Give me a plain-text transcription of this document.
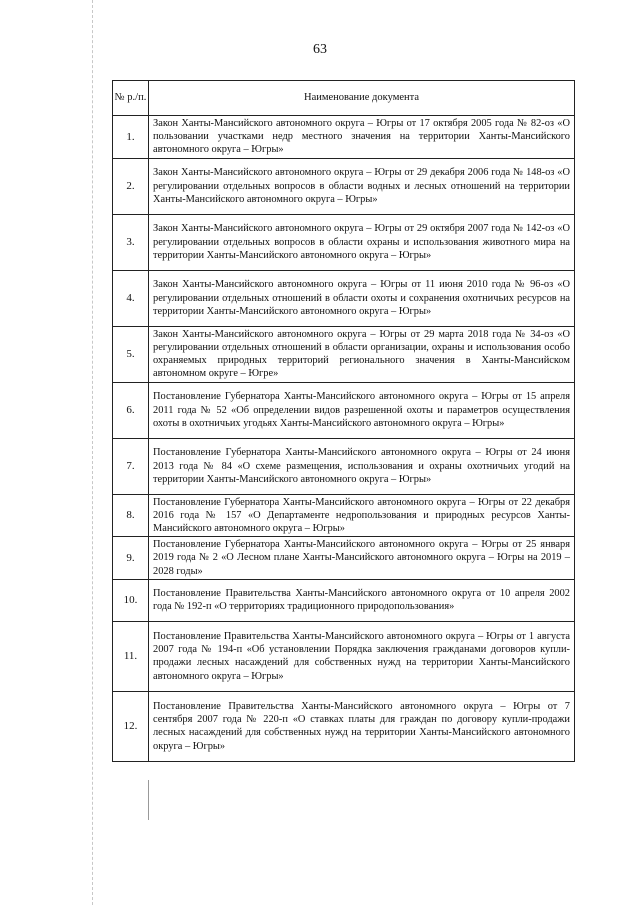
63
№ р./п.	Наименование документа
1.	Закон Ханты-Мансийского автономного округа – Югры от 17 октября 2005 года № 82-оз «О пользовании участками недр местного значения на территории Ханты-Мансийского автономного округа – Югры»
2.	Закон Ханты-Мансийского автономного округа – Югры от 29 декабря 2006 года № 148-оз «О регулировании отдельных вопросов в области водных и лесных отношений на территории Ханты-Мансийского автономного округа – Югры»
3.	Закон Ханты-Мансийского автономного округа – Югры от 29 октября 2007 года № 142-оз «О регулировании отдельных вопросов в области охраны и использования животного мира на территории Ханты-Мансийского автономного округа – Югры»
4.	Закон Ханты-Мансийского автономного округа – Югры от 11 июня 2010 года № 96-оз «О регулировании отдельных отношений в области охоты и сохранения охотничьих ресурсов на территории Ханты-Мансийского автономного округа – Югры»
5.	Закон Ханты-Мансийского автономного округа – Югры от 29 марта 2018 года № 34-оз «О регулировании отдельных отношений в области организации, охраны и использования особо охраняемых природных территорий регионального значения в Ханты-Мансийском автономном округе – Югре»
6.	Постановление Губернатора Ханты-Мансийского автономного округа – Югры от 15 апреля 2011 года № 52 «Об определении видов разрешенной охоты и параметров осуществления охоты в охотничьих угодьях Ханты-Мансийского автономного округа – Югры»
7.	Постановление Губернатора Ханты-Мансийского автономного округа – Югры от 24 июня 2013 года № 84 «О схеме размещения, использования и охраны охотничьих угодий на территории Ханты-Мансийского автономного округа – Югры»
8.	Постановление Губернатора Ханты-Мансийского автономного округа – Югры от 22 декабря 2016 года № 157 «О Департаменте недропользования и природных ресурсов Ханты-Мансийского автономного округа – Югры»
9.	Постановление Губернатора Ханты-Мансийского автономного округа – Югры от 25 января 2019 года № 2 «О Лесном плане Ханты-Мансийского автономного округа – Югры на 2019 – 2028 годы»
10.	Постановление Правительства Ханты-Мансийского автономного округа от 10 апреля 2002 года № 192-п «О территориях традиционного природопользования»
11.	Постановление Правительства Ханты-Мансийского автономного округа – Югры от 1 августа 2007 года № 194-п «Об установлении Порядка заключения гражданами договоров купли-продажи лесных насаждений для собственных нужд на территории Ханты-Мансийского автономного округа – Югры»
12.	Постановление Правительства Ханты-Мансийского автономного округа – Югры от 7 сентября 2007 года № 220-п «О ставках платы для граждан по договору купли-продажи лесных насаждений для собственных нужд на территории Ханты-Мансийского автономного округа – Югры»
